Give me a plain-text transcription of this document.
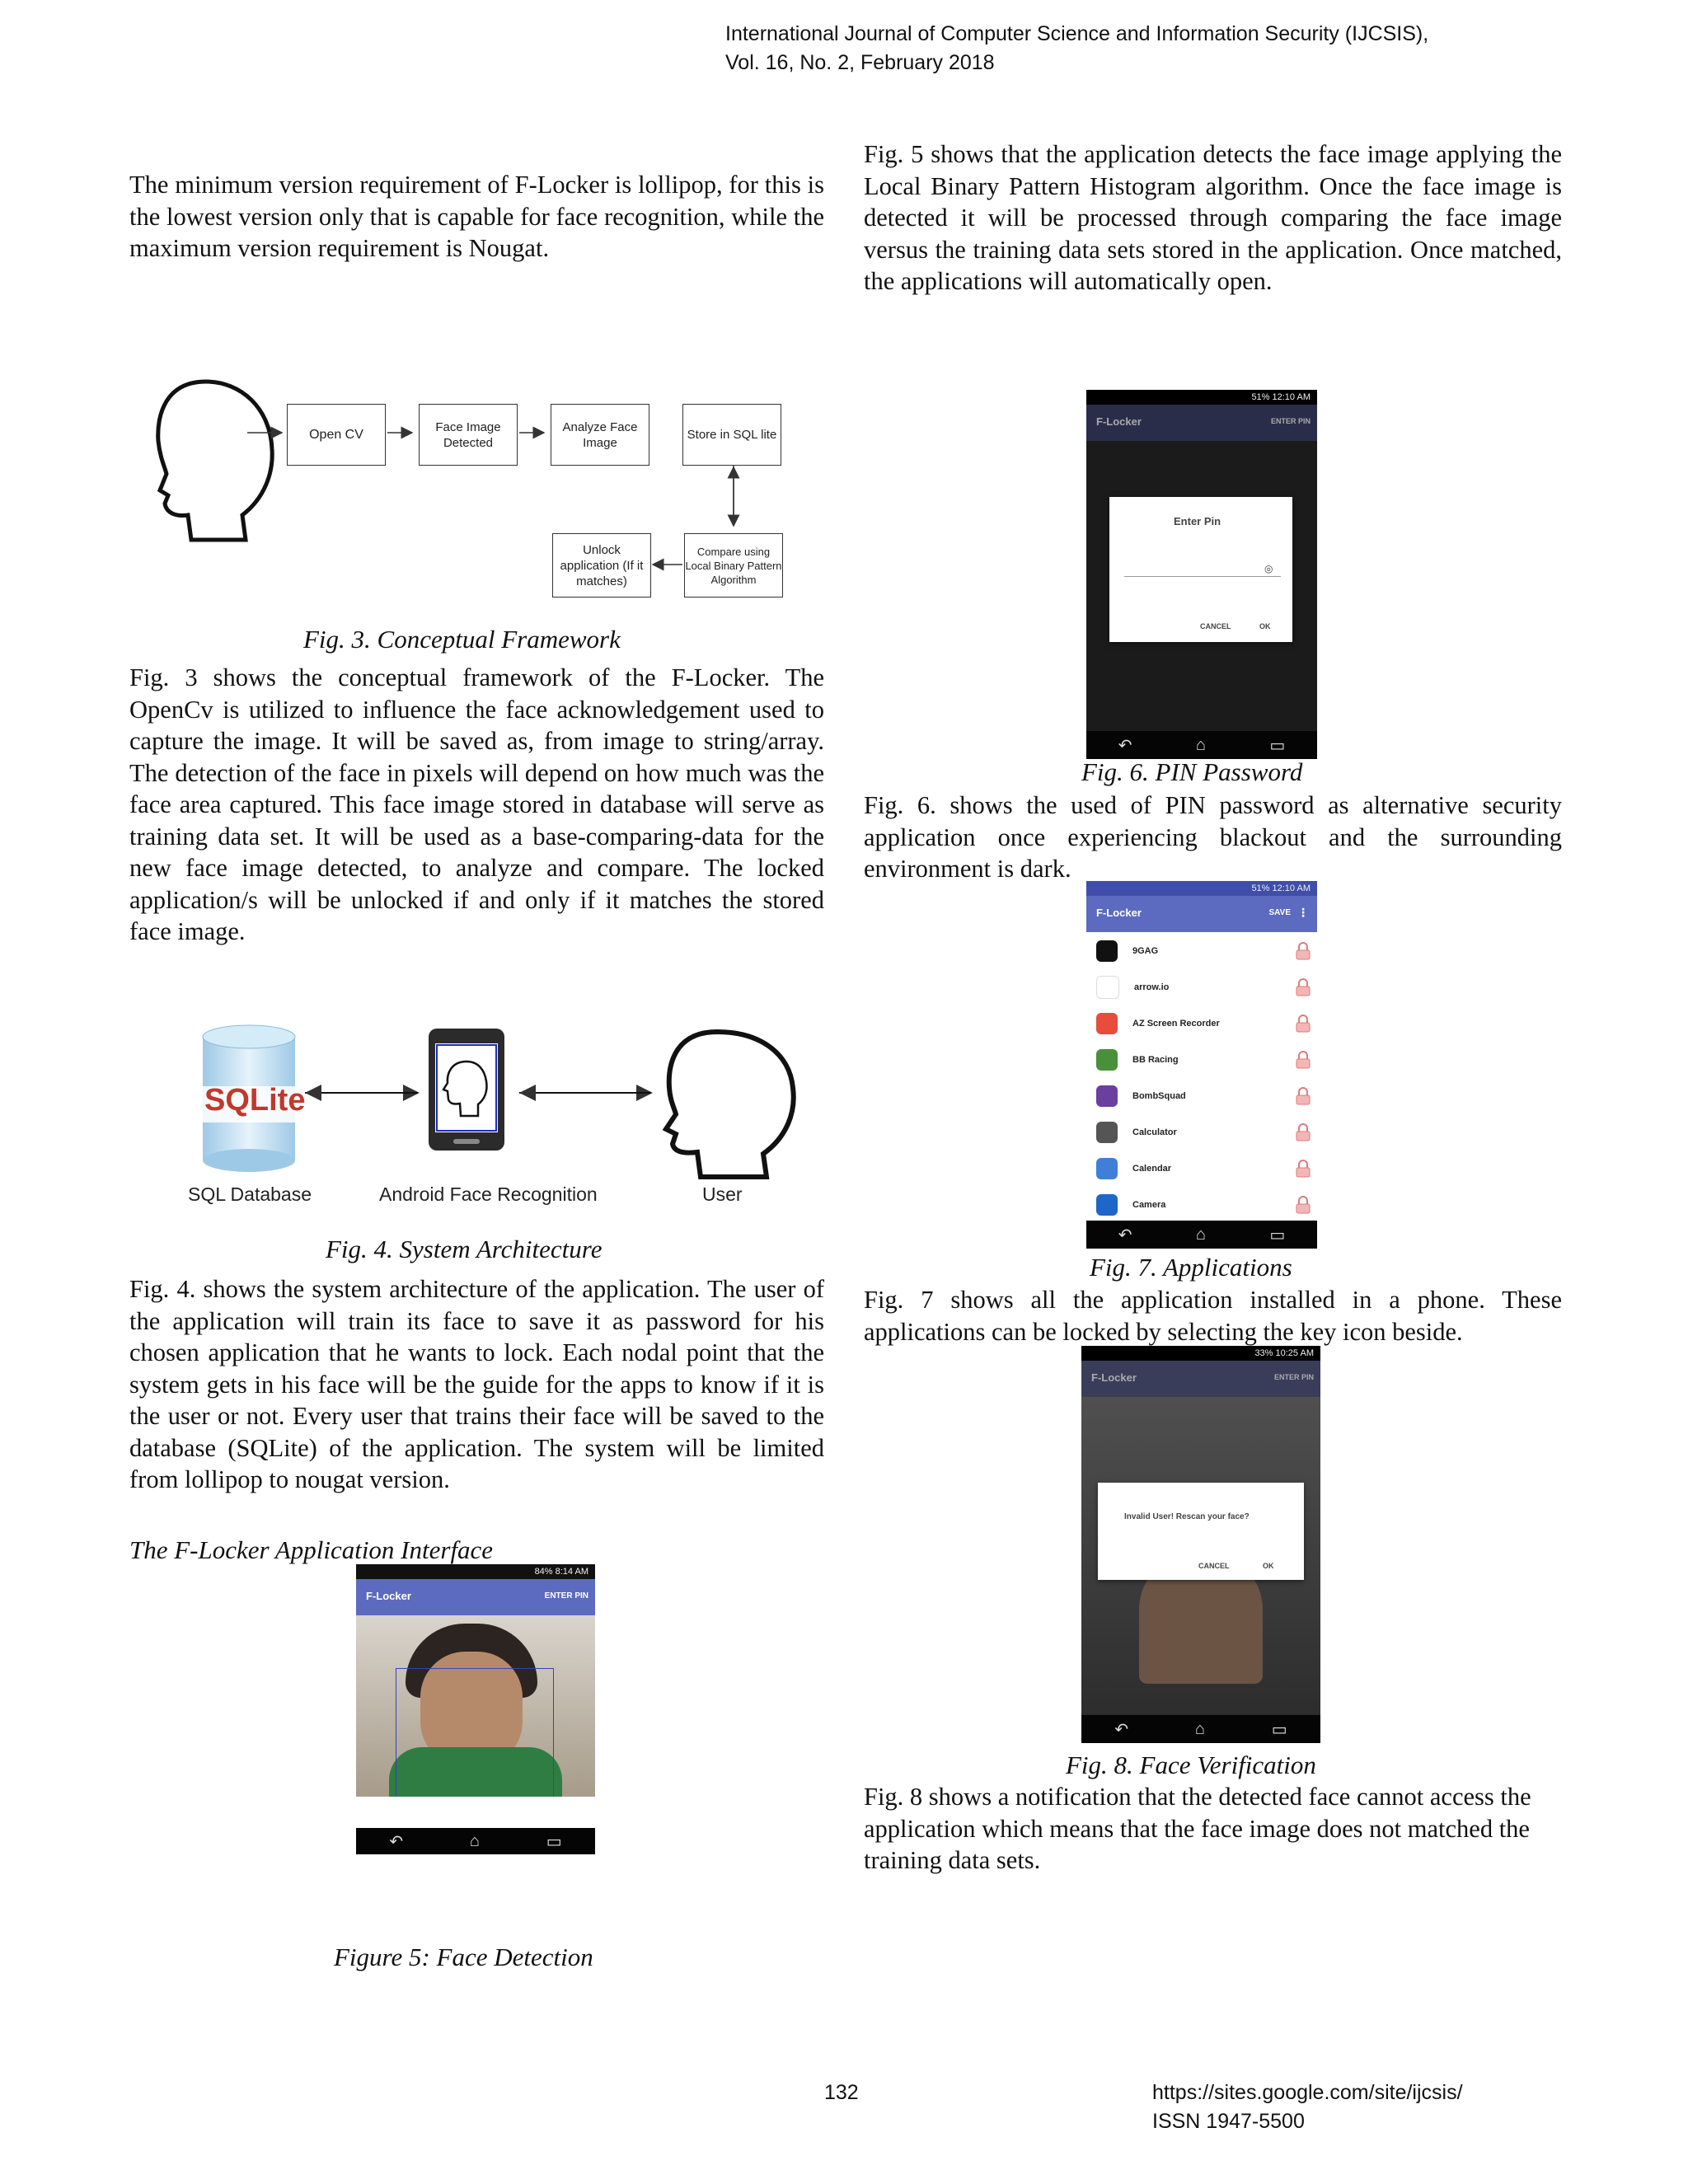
International Journal of Computer Science and Information Security (IJCSIS),
Vol. 16, No. 2, February 2018
The minimum version requirement of F-Locker is lollipop, for this is the lowest version only that is capable for face recognition, while the maximum version requirement is Nougat.
Open CV
Face Image Detected
Analyze Face Image
Store in SQL lite
Unlock application (If it matches)
Compare using Local Binary Pattern Algorithm
Fig. 3. Conceptual Framework
Fig. 3 shows the conceptual framework of the F-Locker. The OpenCv is utilized to influence the face acknowledgement used to capture the image. It will be saved as, from image to string/array. The detection of the face in pixels will depend on how much was the face area captured. This face image stored in database will serve as training data set. It will be used as a base-comparing-data for the new face image detected, to analyze and compare. The locked application/s will be unlocked if and only if it matches the stored face image.
SQLite
SQL Database	Android Face Recognition	User
Fig. 4. System Architecture
Fig. 4. shows the system architecture of the application. The user of the application will train its face to save it as password for his chosen application that he wants to lock. Each nodal point that the system gets in his face will be the guide for the apps to know if it is the user or not. Every user that trains their face will be saved to the database (SQLite) of the application. The system will be limited from lollipop to nougat version.
The F-Locker Application Interface
84% 8:14 AM
F-Locker	ENTER PIN
↶	⌂	▭
Figure 5: Face Detection
Fig. 5 shows that the application detects the face image applying the Local Binary Pattern Histogram algorithm. Once the face image is detected it will be processed through comparing the face image versus the training data sets stored in the application. Once matched, the applications will automatically open.
51% 12:10 AM
F-Locker	ENTER PIN
Enter Pin
◎
CANCEL	OK
↶	⌂	▭
Fig. 6. PIN Password
Fig. 6. shows the used of PIN password as alternative security application once experiencing blackout and the surrounding environment is dark.
51% 12:10 AM
F-Locker	SAVE ⋮
9GAG
arrow.io
AZ Screen Recorder
BB Racing
BombSquad
Calculator
Calendar
Camera
↶	⌂	▭
Fig. 7. Applications
Fig. 7 shows all the application installed in a phone. These applications can be locked by selecting the key icon beside.
33% 10:25 AM
F-Locker	ENTER PIN
Invalid User! Rescan your face?
CANCEL	OK
↶	⌂	▭
Fig. 8. Face Verification
Fig. 8 shows a notification that the detected face cannot access the application which means that the face image does not matched the training data sets.
132	https://sites.google.com/site/ijcsis/
ISSN 1947-5500
